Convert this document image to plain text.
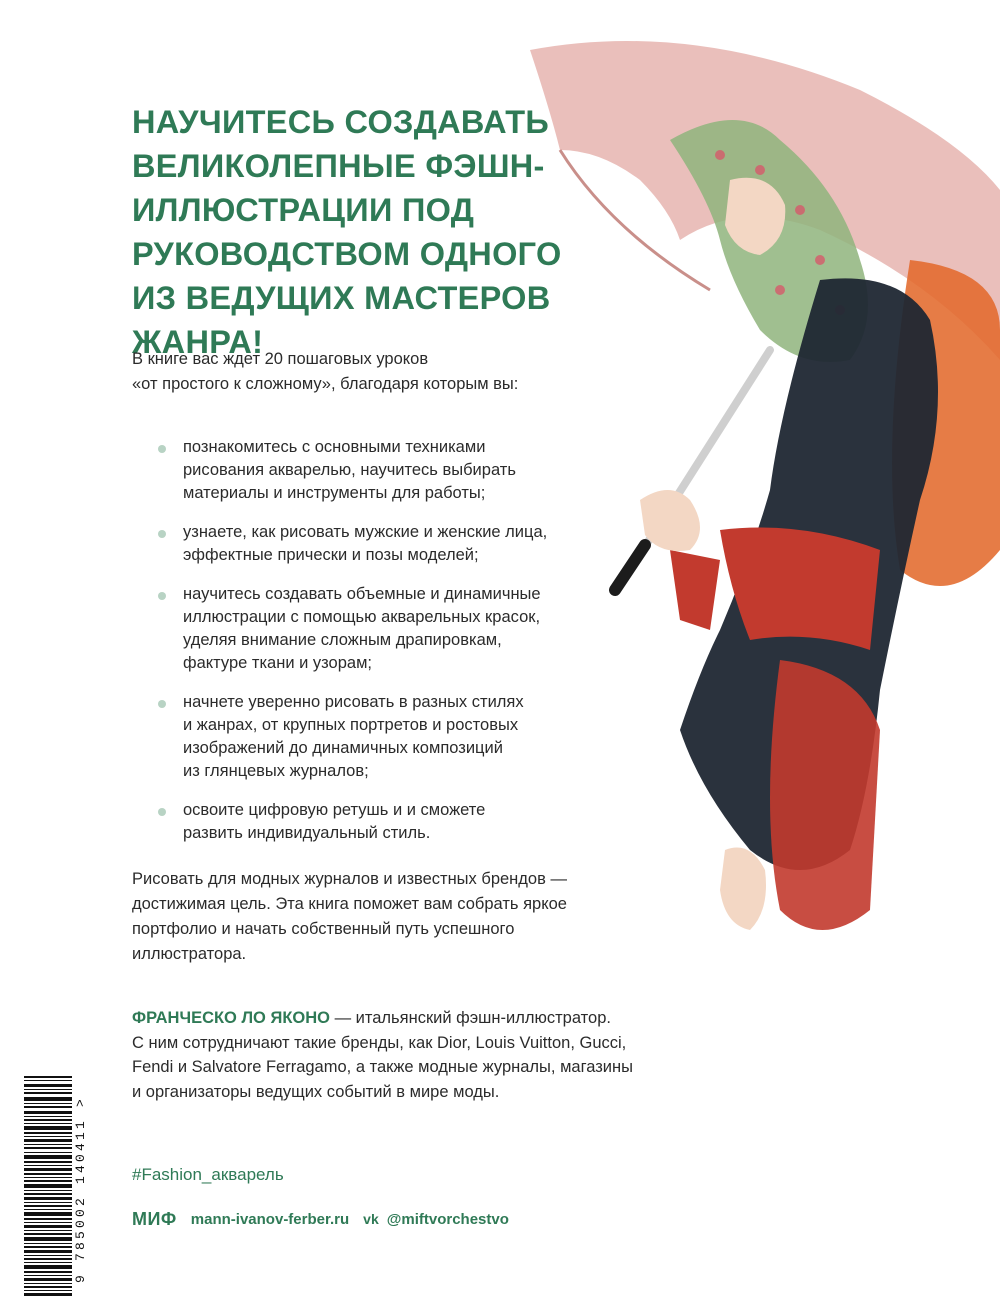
НАУЧИТЕСЬ СОЗДАВАТЬ
ВЕЛИКОЛЕПНЫЕ ФЭШН-
ИЛЛЮСТРАЦИИ ПОД
РУКОВОДСТВОМ ОДНОГО
ИЗ ВЕДУЩИХ МАСТЕРОВ
ЖАНРА!

В книге вас ждет 20 пошаговых уроков
«от простого к сложному», благодаря которым вы:

познакомитесь с основными техниками
рисования акварелью, научитесь выбирать
материалы и инструменты для работы;
узнаете, как рисовать мужские и женские лица,
эффектные прически и позы моделей;
научитесь создавать объемные и динамичные
иллюстрации с помощью акварельных красок,
уделяя внимание сложным драпировкам,
фактуре ткани и узорам;
начнете уверенно рисовать в разных стилях
и жанрах, от крупных портретов и ростовых
изображений до динамичных композиций
из глянцевых журналов;
освоите цифровую ретушь и и сможете
развить индивидуальный стиль.

Рисовать для модных журналов и известных брендов —
достижимая цель. Эта книга поможет вам собрать яркое
портфолио и начать собственный путь успешного
иллюстратора.

ФРАНЧЕСКО ЛО ЯКОНО — итальянский фэшн-иллюстратор.
С ним сотрудничают такие бренды, как Dior, Louis Vuitton, Gucci,
Fendi и Salvatore Ferragamo, а также модные журналы, магазины
и организаторы ведущих событий в мире моды.

#Fashion_акварель
МИФ mann-ivanov-ferber.ru vk @miftvorchestvo
9 785002 140411 >
